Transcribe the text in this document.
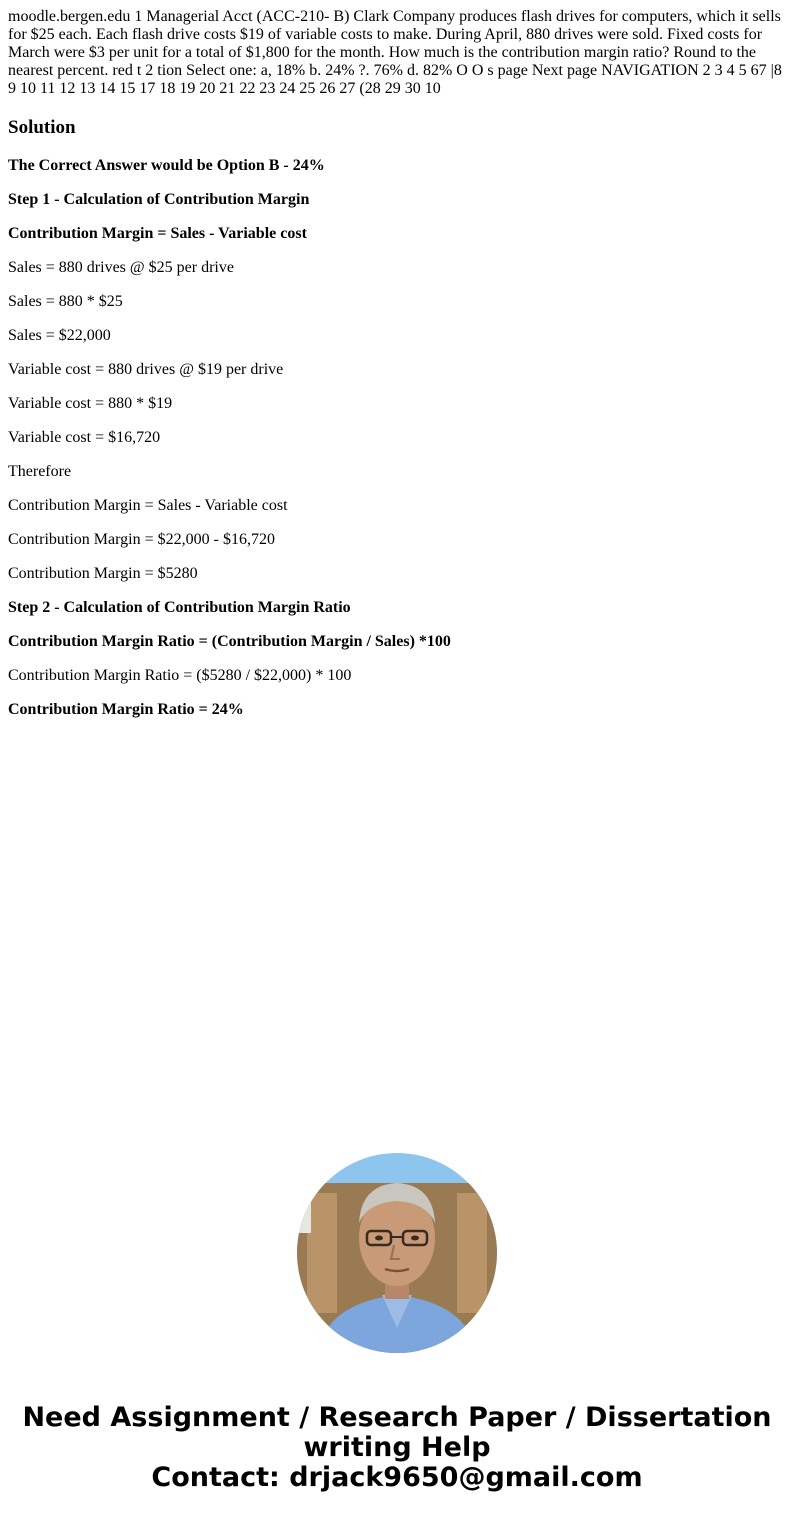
moodle.bergen.edu 1 Managerial Acct (ACC-210- B) Clark Company produces flash drives for computers, which it sells for $25 each. Each flash drive costs $19 of variable costs to make. During April, 880 drives were sold. Fixed costs for March were $3 per unit for a total of $1,800 for the month. How much is the contribution margin ratio? Round to the nearest percent. red t 2 tion Select one: a, 18% b. 24% ?. 76% d. 82% O O s page Next page NAVIGATION 2 3 4 5 67 |8 9 10 11 12 13 14 15 17 18 19 20 21 22 23 24 25 26 27 (28 29 30 10

Solution

The Correct Answer would be Option B - 24%

Step 1 - Calculation of Contribution Margin

Contribution Margin = Sales - Variable cost

Sales = 880 drives @ $25 per drive

Sales = 880 * $25

Sales = $22,000

Variable cost = 880 drives @ $19 per drive

Variable cost = 880 * $19

Variable cost = $16,720

Therefore

Contribution Margin = Sales - Variable cost

Contribution Margin = $22,000 - $16,720

Contribution Margin = $5280

Step 2 - Calculation of Contribution Margin Ratio

Contribution Margin Ratio = (Contribution Margin / Sales) *100

Contribution Margin Ratio = ($5280 / $22,000) * 100

Contribution Margin Ratio = 24%

Need Assignment / Research Paper / Dissertation
writing Help
Contact: drjack9650@gmail.com
